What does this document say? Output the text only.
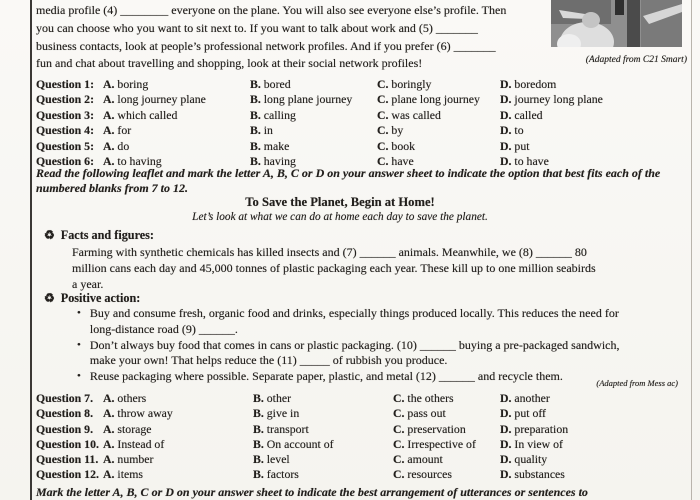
media profile (4) ________ everyone on the plane. You will also see everyone else’s profile. Then
you can choose who you want to sit next to. If you want to talk about work and (5) _______
business contacts, look at people’s professional network profiles. And if you prefer (6) _______
fun and chat about travelling and shopping, look at their social network profiles!	(Adapted from C21 Smart)
Question 1: A. boring	B. bored	C. boringly	D. boredom
Question 2: A. long journey plane	B. long plane journey	C. plane long journey	D. journey long plane
Question 3: A. which called	B. calling	C. was called	D. called
Question 4: A. for	B. in	C. by	D. to
Question 5: A. do	B. make	C. book	D. put
Question 6: A. to having	B. having	C. have	D. to have
Read the following leaflet and mark the letter A, B, C or D on your answer sheet to indicate the option that best fits each of the numbered blanks from 7 to 12.
To Save the Planet, Begin at Home!
Let’s look at what we can do at home each day to save the planet.
♻ Facts and figures:
Farming with synthetic chemicals has killed insects and (7) ______ animals. Meanwhile, we (8) ______ 80
million cans each day and 45,000 tonnes of plastic packaging each year. These kill up to one million seabirds
a year.
♻ Positive action:
• Buy and consume fresh, organic food and drinks, especially things produced locally. This reduces the need for
long-distance road (9) ______.
• Don’t always buy food that comes in cans or plastic packaging. (10) ______ buying a pre-packaged sandwich,
make your own! That helps reduce the (11) _____ of rubbish you produce.
• Reuse packaging where possible. Separate paper, plastic, and metal (12) ______ and recycle them.	(Adapted from Mess ac)
Question 7. A. others	B. other	C. the others	D. another
Question 8. A. throw away	B. give in	C. pass out	D. put off
Question 9. A. storage	B. transport	C. preservation	D. preparation
Question 10. A. Instead of	B. On account of	C. Irrespective of	D. In view of
Question 11. A. number	B. level	C. amount	D. quality
Question 12. A. items	B. factors	C. resources	D. substances
Mark the letter A, B, C or D on your answer sheet to indicate the best arrangement of utterances or sentences to
